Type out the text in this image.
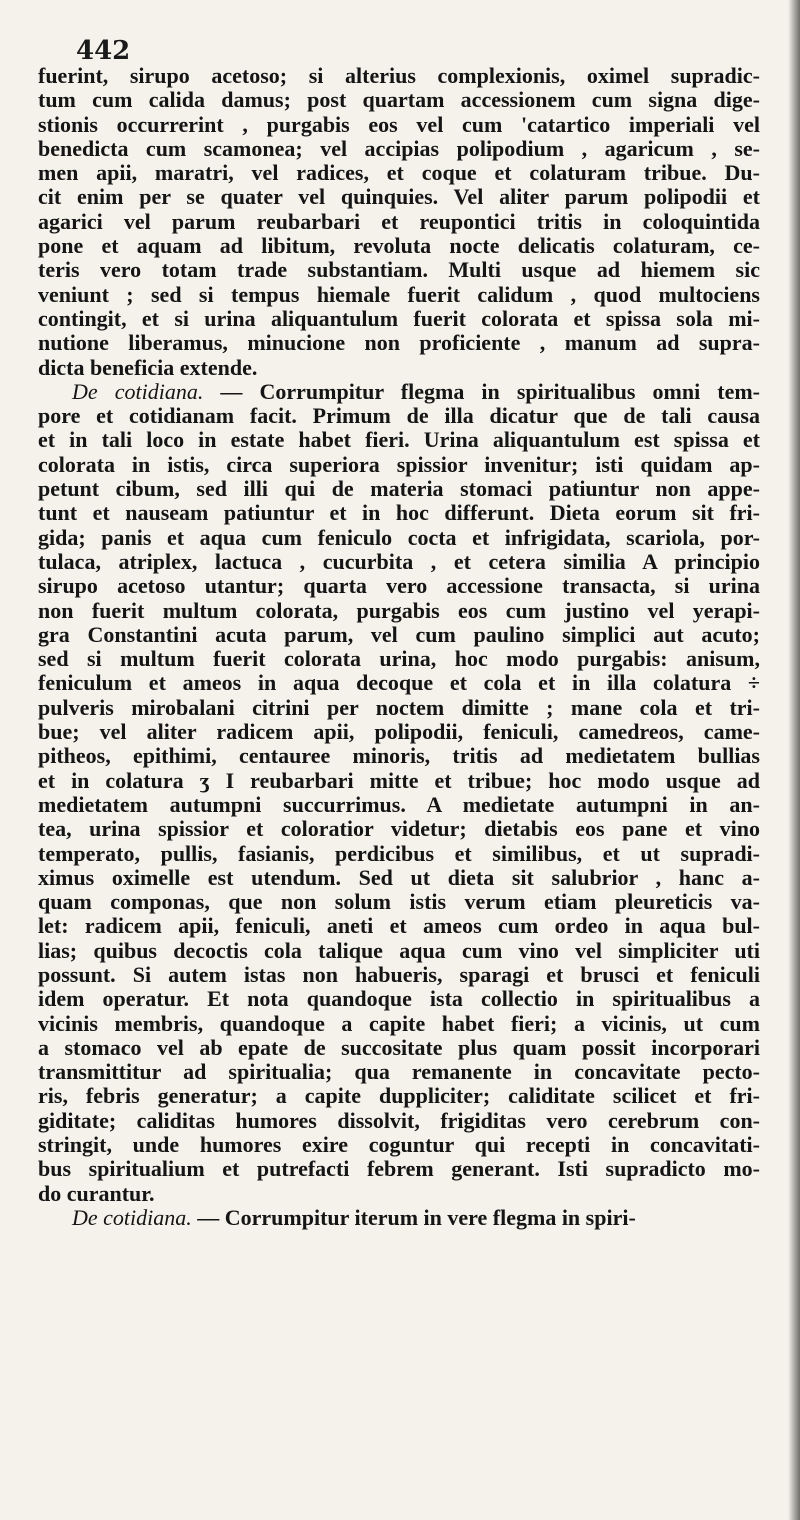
442
fuerint, sirupo acetoso; si alterius complexionis, oximel supradic-
tum cum calida damus; post quartam accessionem cum signa dige-
stionis occurrerint , purgabis eos vel cum 'catartico imperiali vel
benedicta cum scamonea; vel accipias polipodium , agaricum , se-
men apii, maratri, vel radices, et coque et colaturam tribue. Du-
cit enim per se quater vel quinquies. Vel aliter parum polipodii et
agarici vel parum reubarbari et reupontici tritis in coloquintida
pone et aquam ad libitum, revoluta nocte delicatis colaturam, ce-
teris vero totam trade substantiam. Multi usque ad hiemem sic
veniunt ; sed si tempus hiemale fuerit calidum , quod multociens
contingit, et si urina aliquantulum fuerit colorata et spissa sola mi-
nutione liberamus, minucione non proficiente , manum ad supra-
dicta beneficia extende.
De cotidiana. — Corrumpitur flegma in spiritualibus omni tem-
pore et cotidianam facit. Primum de illa dicatur que de tali causa
et in tali loco in estate habet fieri. Urina aliquantulum est spissa et
colorata in istis, circa superiora spissior invenitur; isti quidam ap-
petunt cibum, sed illi qui de materia stomaci patiuntur non appe-
tunt et nauseam patiuntur et in hoc differunt. Dieta eorum sit fri-
gida; panis et aqua cum feniculo cocta et infrigidata, scariola, por-
tulaca, atriplex, lactuca , cucurbita , et cetera similia A principio
sirupo acetoso utantur; quarta vero accessione transacta, si urina
non fuerit multum colorata, purgabis eos cum justino vel yerapi-
gra Constantini acuta parum, vel cum paulino simplici aut acuto;
sed si multum fuerit colorata urina, hoc modo purgabis: anisum,
feniculum et ameos in aqua decoque et cola et in illa colatura ÷
pulveris mirobalani citrini per noctem dimitte ; mane cola et tri-
bue; vel aliter radicem apii, polipodii, feniculi, camedreos, came-
pitheos, epithimi, centauree minoris, tritis ad medietatem bullias
et in colatura ʒ I reubarbari mitte et tribue; hoc modo usque ad
medietatem autumpni succurrimus. A medietate autumpni in an-
tea, urina spissior et coloratior videtur; dietabis eos pane et vino
temperato, pullis, fasianis, perdicibus et similibus, et ut supradi-
ximus oximelle est utendum. Sed ut dieta sit salubrior , hanc a-
quam componas, que non solum istis verum etiam pleureticis va-
let: radicem apii, feniculi, aneti et ameos cum ordeo in aqua bul-
lias; quibus decoctis cola talique aqua cum vino vel simpliciter uti
possunt. Si autem istas non habueris, sparagi et brusci et feniculi
idem operatur. Et nota quandoque ista collectio in spiritualibus a
vicinis membris, quandoque a capite habet fieri; a vicinis, ut cum
a stomaco vel ab epate de succositate plus quam possit incorporari
transmittitur ad spiritualia; qua remanente in concavitate pecto-
ris, febris generatur; a capite duppliciter; caliditate scilicet et fri-
giditate; caliditas humores dissolvit, frigiditas vero cerebrum con-
stringit, unde humores exire coguntur qui recepti in concavitati-
bus spiritualium et putrefacti febrem generant. Isti supradicto mo-
do curantur.
De cotidiana. — Corrumpitur iterum in vere flegma in spiri-
